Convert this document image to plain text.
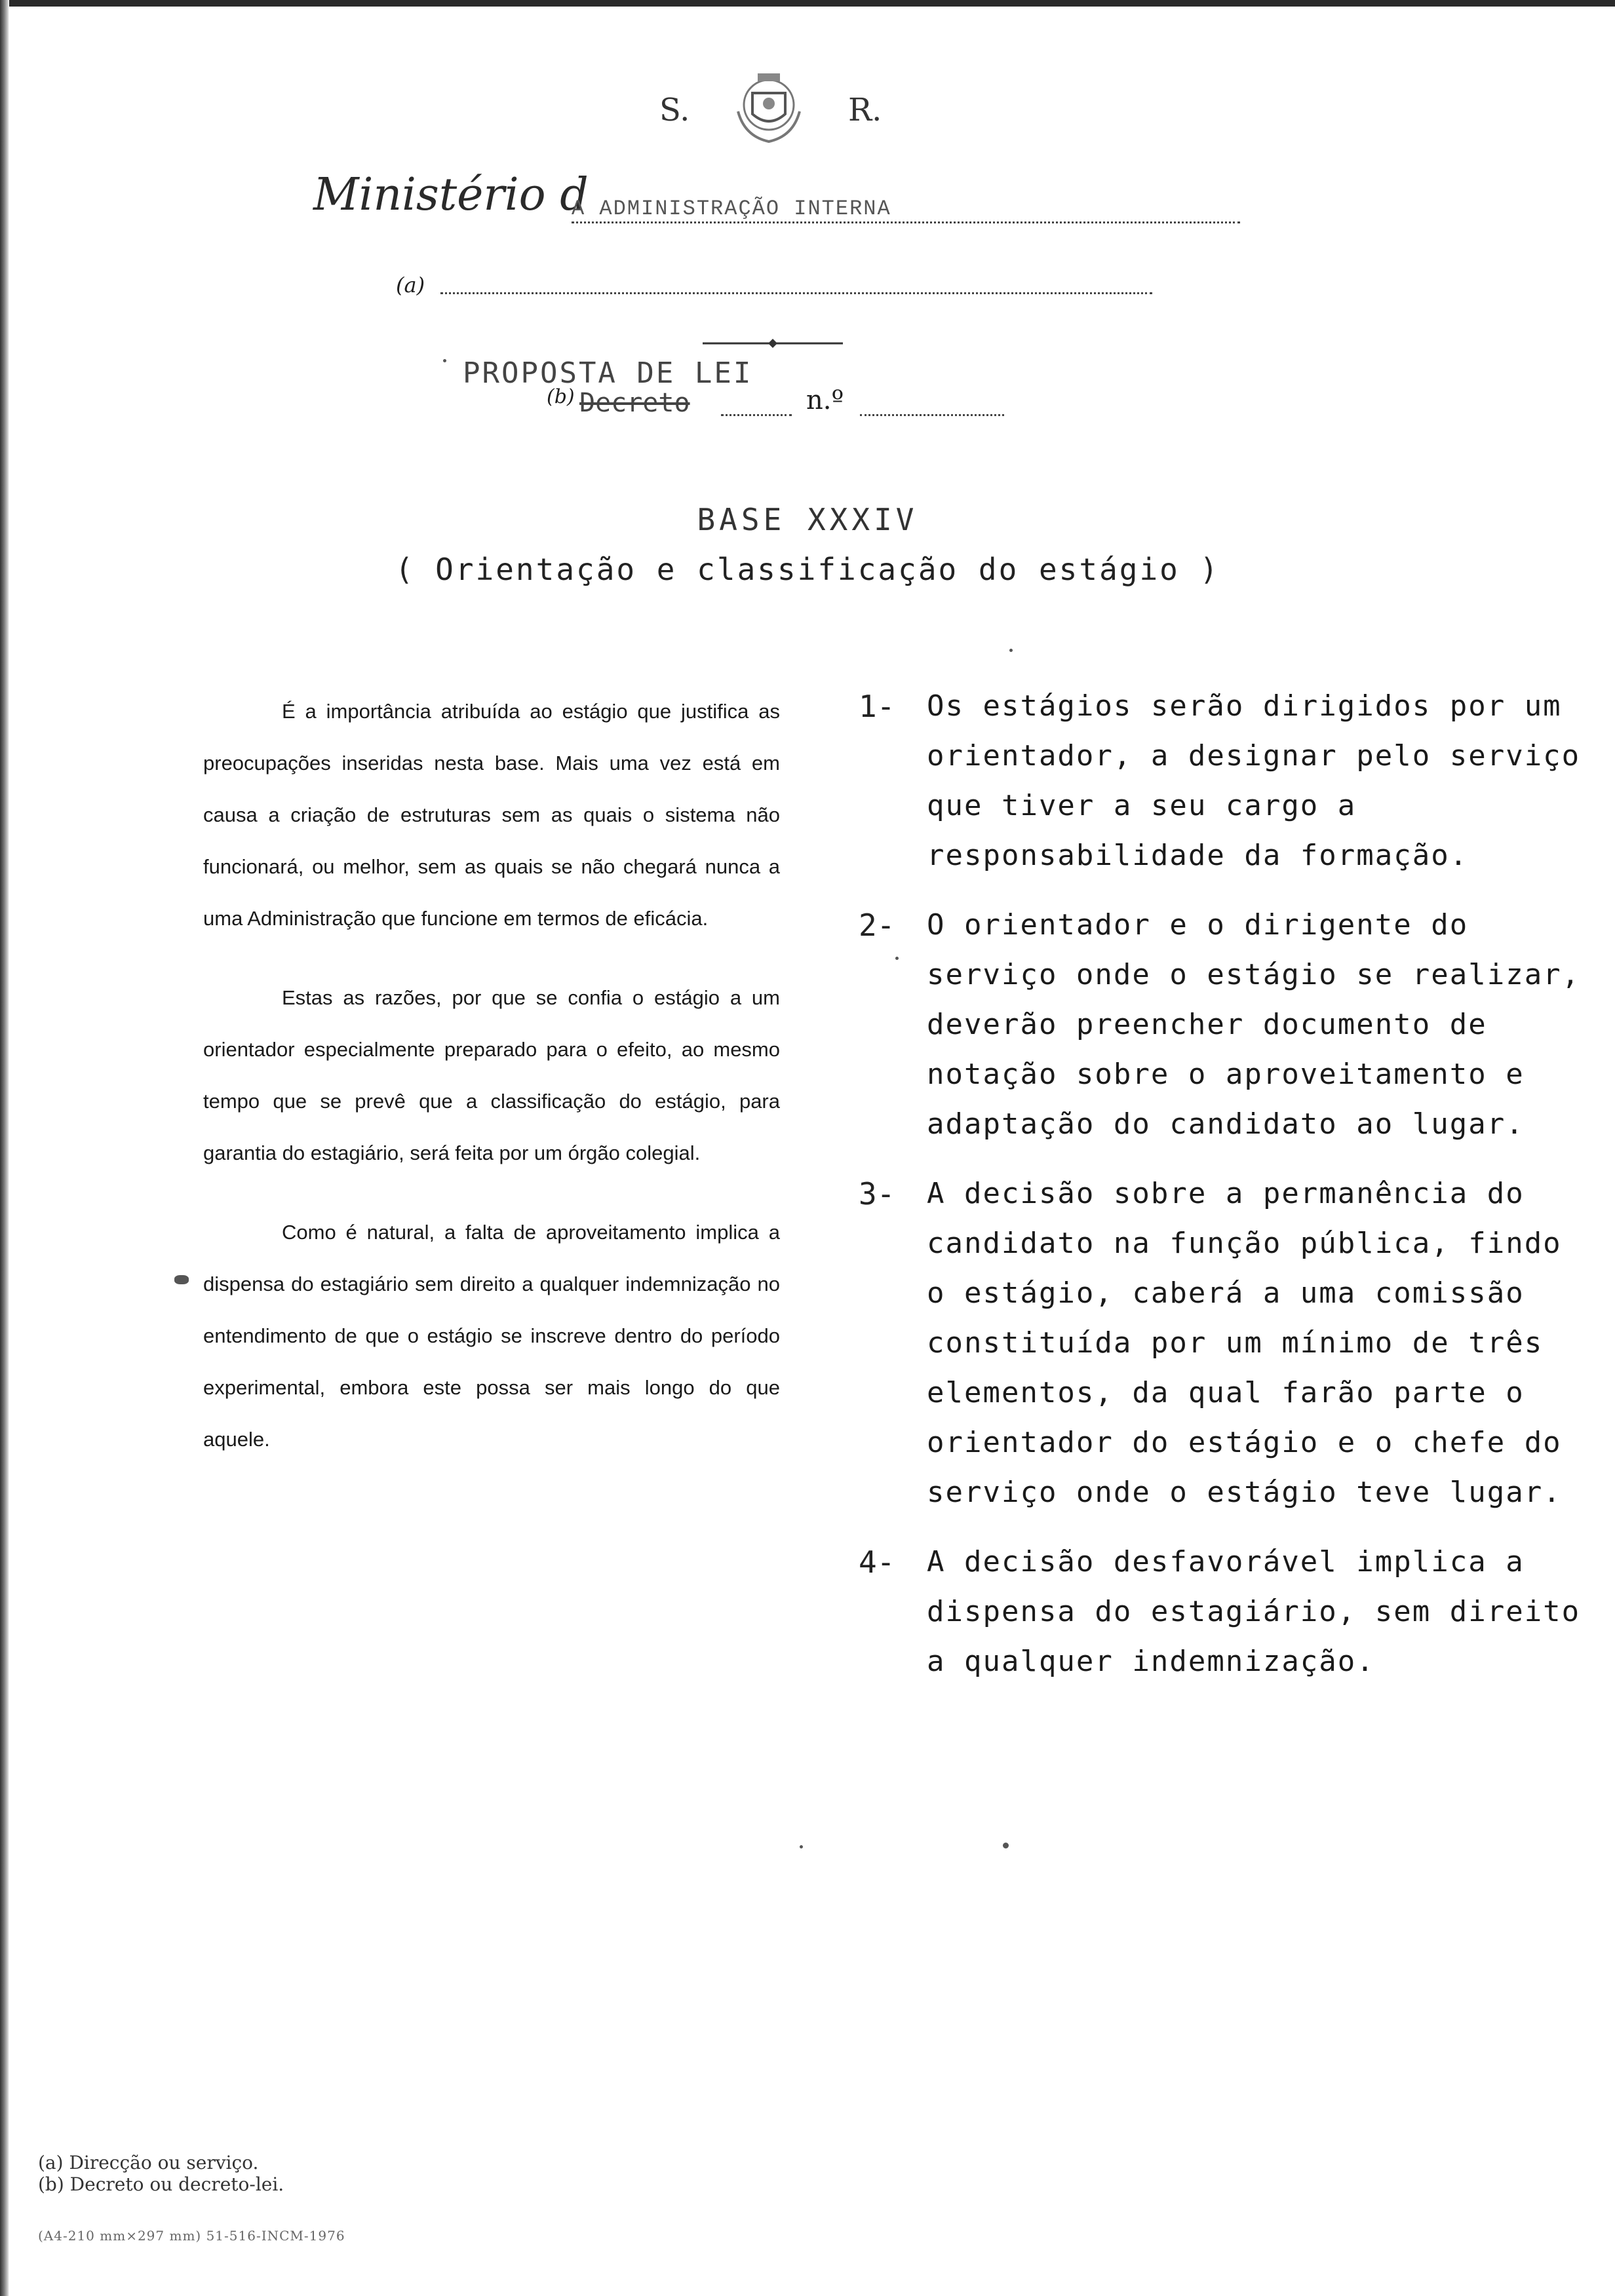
S.	R.
Ministério d
A ADMINISTRAÇÃO INTERNA
(a)
PROPOSTA DE LEI
(b) Decreto	n.º
BASE XXXIV
( Orientação e classificação do estágio )

É a importância atribuída ao estágio que justifica as preocupações inseridas nesta base. Mais uma vez está em causa a criação de estruturas sem as quais o sistema não funcionará, ou melhor, sem as quais se não chegará nunca a uma Administração que funcione em termos de eficácia.

Estas as razões, por que se confia o estágio a um orientador especialmente preparado para o efeito, ao mesmo tempo que se prevê que a classificação do estágio, para garantia do estagiário, será feita por um órgão colegial.

Como é natural, a falta de aproveitamento implica a dispensa do estagiário sem direito a qualquer indemnização no entendimento de que o estágio se inscreve dentro do período experimental, embora este possa ser mais longo do que aquele.

1- Os estágios serão dirigidos por um orientador, a designar pelo serviço que tiver a seu cargo a responsabilidade da formação.
2- O orientador e o dirigente do serviço onde o estágio se realizar, deverão preencher documento de notação sobre o aproveitamento e adaptação do candidato ao lugar.
3- A decisão sobre a permanência do candidato na função pública, findo o estágio, caberá a uma comissão constituída por um mínimo de três elementos, da qual farão parte o orientador do estágio e o chefe do serviço onde o estágio teve lugar.
4- A decisão desfavorável implica a dispensa do estagiário, sem direito a qualquer indemnização.
(a) Direcção ou serviço.
(b) Decreto ou decreto-lei.
(A4-210 mm×297 mm) 51-516-INCM-1976
